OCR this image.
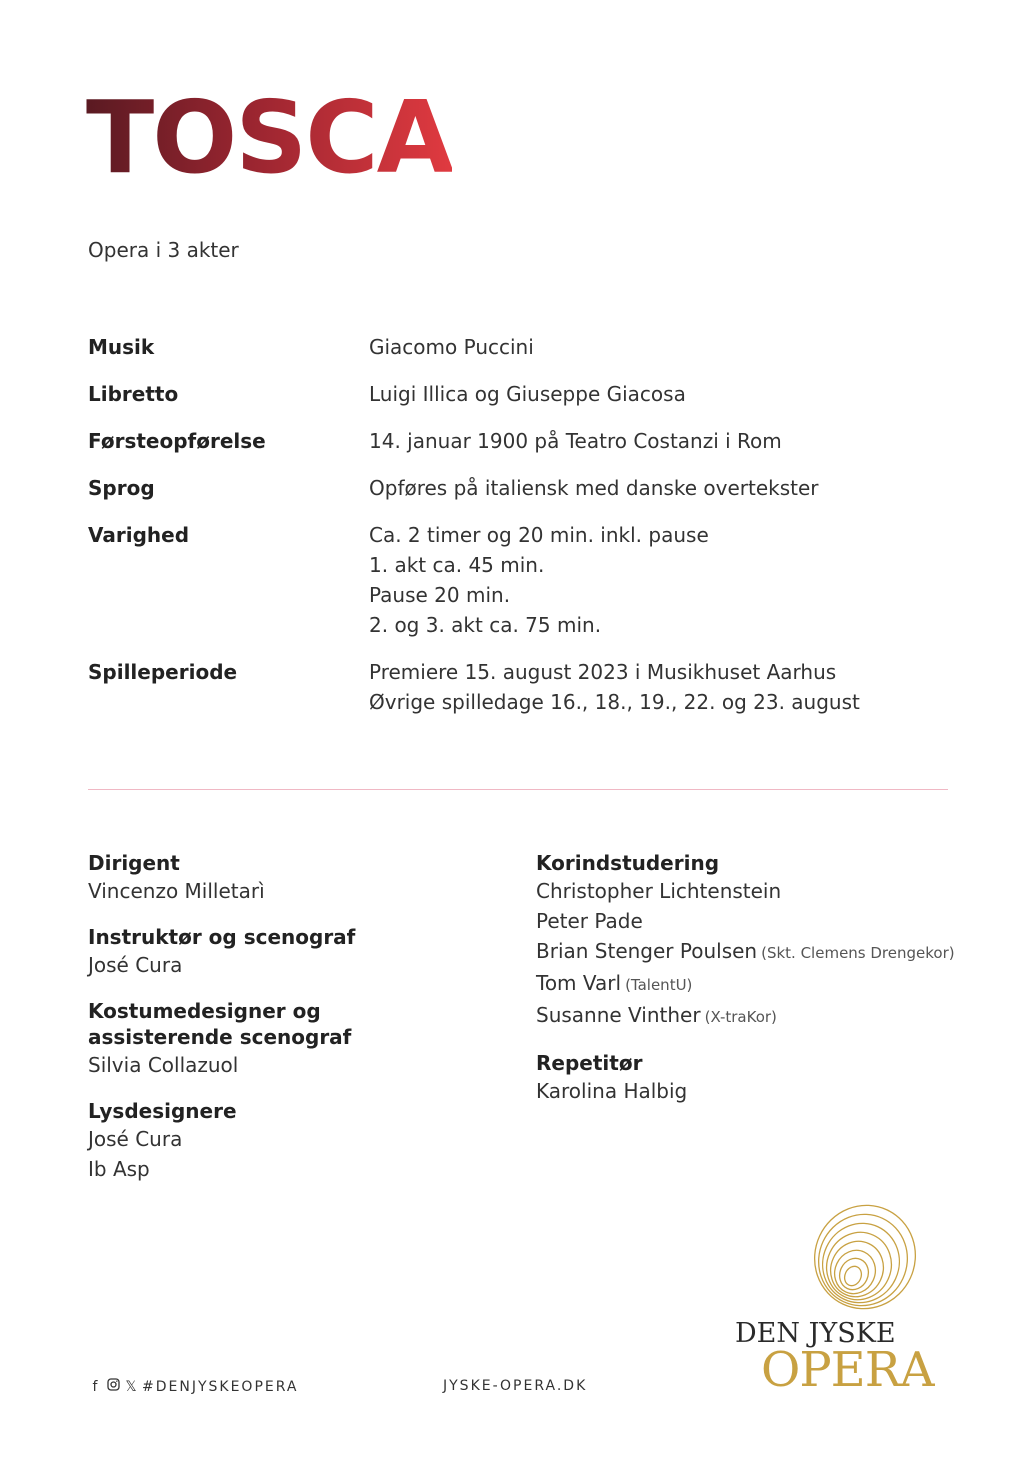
TOSCA
Opera i 3 akter
Musik	Giacomo Puccini
Libretto	Luigi Illica og Giuseppe Giacosa
Førsteopførelse	14. januar 1900 på Teatro Costanzi i Rom
Sprog	Opføres på italiensk med danske overtekster
Varighed	Ca. 2 timer og 20 min. inkl. pause
1. akt ca. 45 min.
Pause 20 min.
2. og 3. akt ca. 75 min.
Spilleperiode	Premiere 15. august 2023 i Musikhuset Aarhus
Øvrige spilledage 16., 18., 19., 22. og 23. august
Dirigent
Vincenzo Milletarì
Instruktør og scenograf
José Cura
Kostumedesigner og
assisterende scenograf
Silvia Collazuol
Lysdesignere
José Cura
Ib Asp
Korindstudering
Christopher Lichtenstein
Peter Pade
Brian Stenger Poulsen (Skt. Clemens Drengekor)
Tom Varl (TalentU)
Susanne Vinther (X-traKor)
Repetitør
Karolina Halbig
f	𝕏 #DENJYSKEOPERA	JYSKE-OPERA.DK
DEN JYSKE
OPERA
